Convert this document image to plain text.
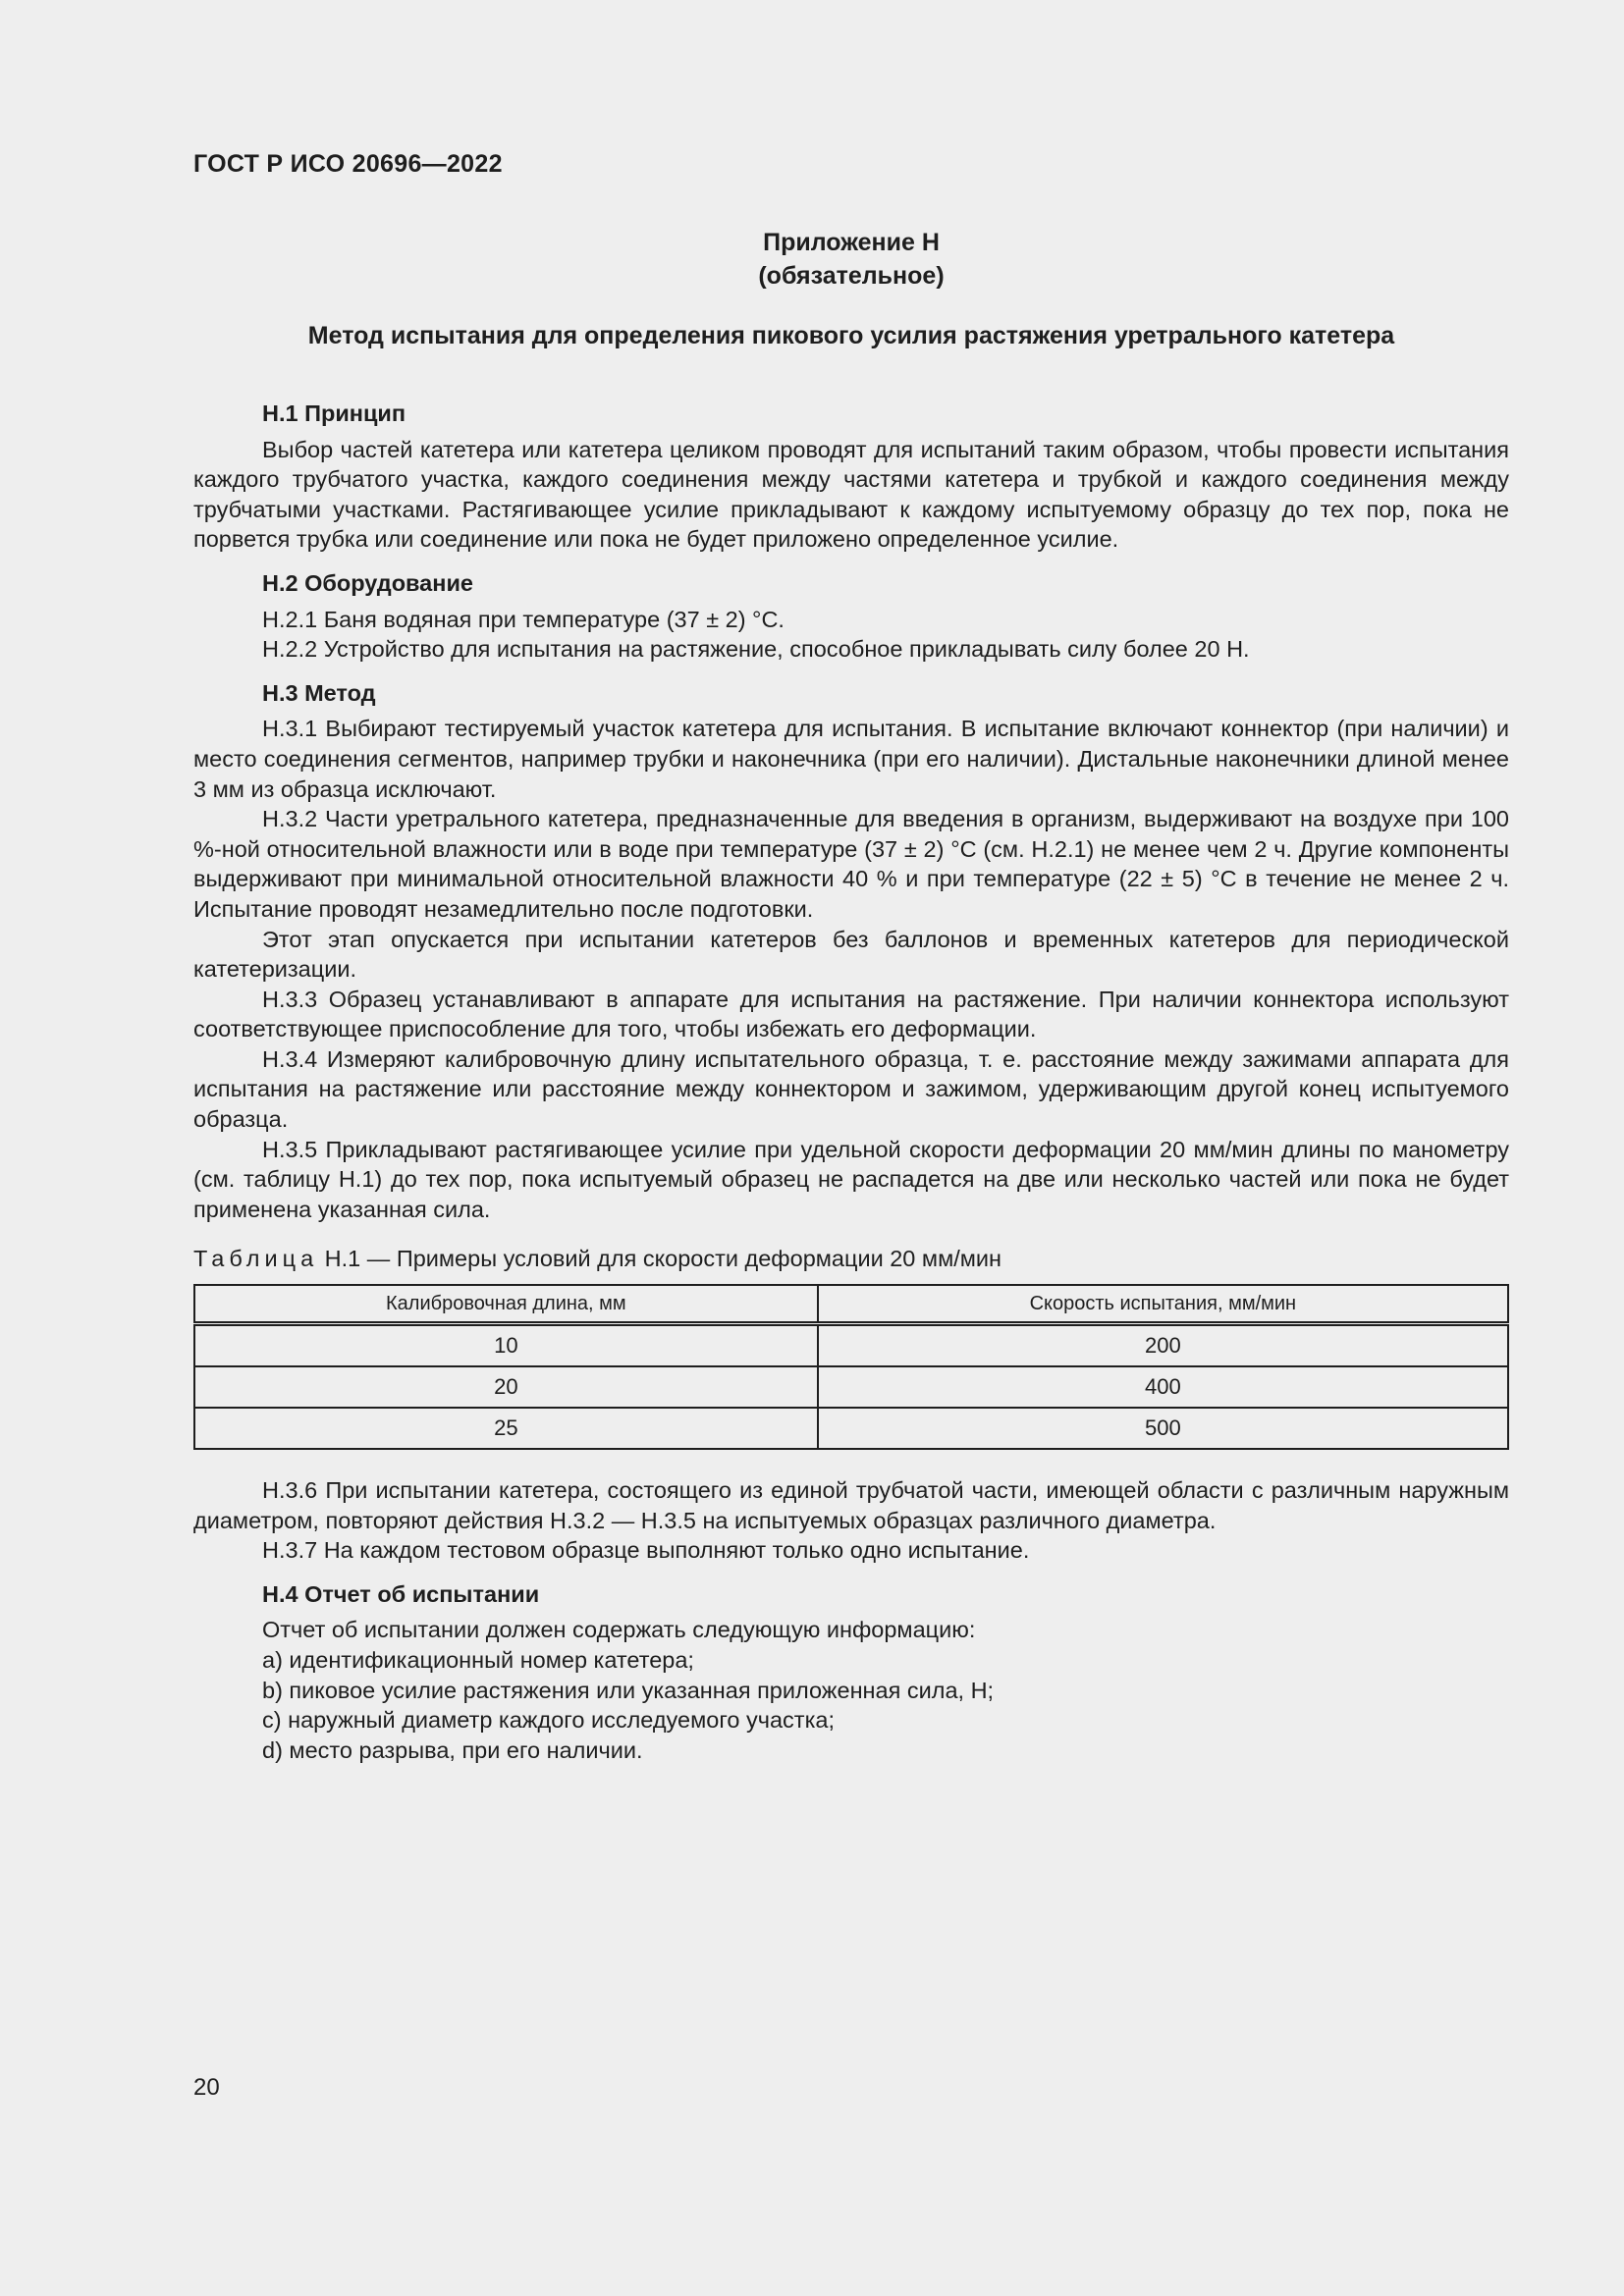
ГОСТ Р ИСО 20696—2022
Приложение Н
(обязательное)
Метод испытания для определения пикового усилия растяжения уретрального катетера
Н.1 Принцип

Выбор частей катетера или катетера целиком проводят для испытаний таким образом, чтобы провести испытания каждого трубчатого участка, каждого соединения между частями катетера и трубкой и каждого соединения между трубчатыми участками. Растягивающее усилие прикладывают к каждому испытуемому образцу до тех пор, пока не порвется трубка или соединение или пока не будет приложено определенное усилие.

Н.2 Оборудование

Н.2.1 Баня водяная при температуре (37 ± 2) °С.

Н.2.2 Устройство для испытания на растяжение, способное прикладывать силу более 20 Н.

Н.3 Метод

Н.3.1 Выбирают тестируемый участок катетера для испытания. В испытание включают коннектор (при наличии) и место соединения сегментов, например трубки и наконечника (при его наличии). Дистальные наконечники длиной менее 3 мм из образца исключают.

Н.3.2 Части уретрального катетера, предназначенные для введения в организм, выдерживают на воздухе при 100 %-ной относительной влажности или в воде при температуре (37 ± 2) °С (см. Н.2.1) не менее чем 2 ч. Другие компоненты выдерживают при минимальной относительной влажности 40 % и при температуре (22 ± 5) °С в течение не менее 2 ч. Испытание проводят незамедлительно после подготовки.

Этот этап опускается при испытании катетеров без баллонов и временных катетеров для периодической катетеризации.

Н.3.3 Образец устанавливают в аппарате для испытания на растяжение. При наличии коннектора используют соответствующее приспособление для того, чтобы избежать его деформации.

Н.3.4 Измеряют калибровочную длину испытательного образца, т. е. расстояние между зажимами аппарата для испытания на растяжение или расстояние между коннектором и зажимом, удерживающим другой конец испытуемого образца.

Н.3.5 Прикладывают растягивающее усилие при удельной скорости деформации 20 мм/мин длины по манометру (см. таблицу Н.1) до тех пор, пока испытуемый образец не распадется на две или несколько частей или пока не будет применена указанная сила.

Таблица Н.1 — Примеры условий для скорости деформации 20 мм/мин
Калибровочная длина, мм	Скорость испытания, мм/мин
10	200
20	400
25	500

Н.3.6 При испытании катетера, состоящего из единой трубчатой части, имеющей области с различным наружным диаметром, повторяют действия Н.3.2 — Н.3.5 на испытуемых образцах различного диаметра.

Н.3.7 На каждом тестовом образце выполняют только одно испытание.

Н.4 Отчет об испытании

Отчет об испытании должен содержать следующую информацию:

a) идентификационный номер катетера;

b) пиковое усилие растяжения или указанная приложенная сила, Н;

c) наружный диаметр каждого исследуемого участка;

d) место разрыва, при его наличии.

20
